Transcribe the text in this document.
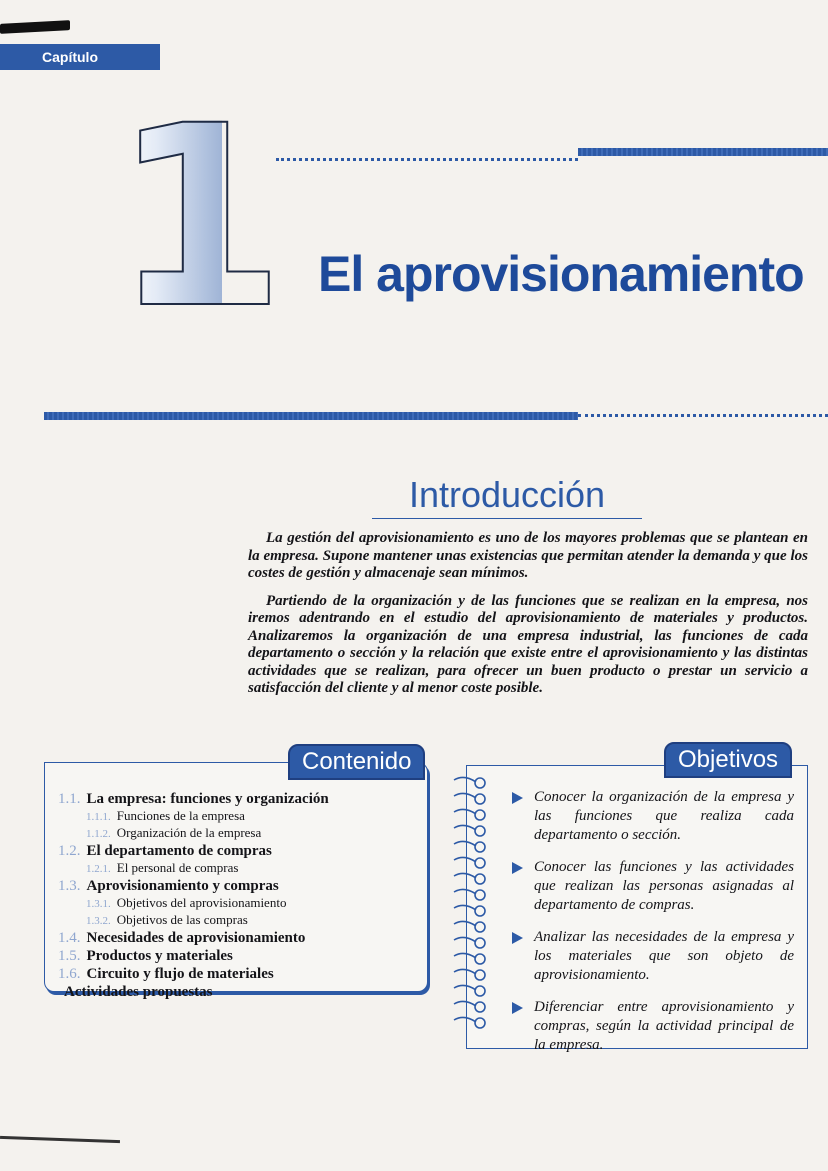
Capítulo
1 El aprovisionamiento
Introducción

La gestión del aprovisionamiento es uno de los mayores problemas que se plantean en la empresa. Supone mantener unas existencias que permitan atender la demanda y que los costes de gestión y almacenaje sean mínimos.

Partiendo de la organización y de las funciones que se realizan en la empresa, nos iremos adentrando en el estudio del aprovisionamiento de materiales y productos. Analizaremos la organización de una empresa industrial, las funciones de cada departamento o sección y la relación que existe entre el aprovisionamiento y las distintas actividades que se realizan, para ofrecer un buen producto o prestar un servicio a satisfacción del cliente y al menor coste posible.

Contenido
1.1. La empresa: funciones y organización
1.1.1. Funciones de la empresa
1.1.2. Organización de la empresa
1.2. El departamento de compras
1.2.1. El personal de compras
1.3. Aprovisionamiento y compras
1.3.1. Objetivos del aprovisionamiento
1.3.2. Objetivos de las compras
1.4. Necesidades de aprovisionamiento
1.5. Productos y materiales
1.6. Circuito y flujo de materiales
Actividades propuestas
Objetivos
Conocer la organización de la empresa y las funciones que realiza cada departamento o sección.
Conocer las funciones y las actividades que realizan las personas asignadas al departamento de compras.
Analizar las necesidades de la empresa y los materiales que son objeto de aprovisionamiento.
Diferenciar entre aprovisionamiento y compras, según la actividad principal de la empresa.
